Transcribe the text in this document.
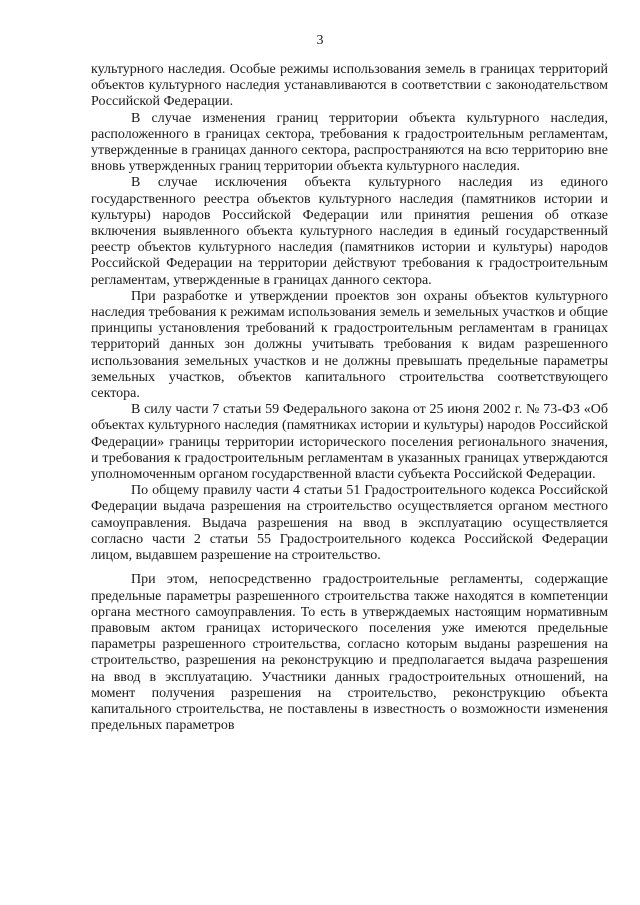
3

культурного наследия. Особые режимы использования земель в границах территорий объектов культурного наследия устанавливаются в соответствии с законодательством Российской Федерации.

В случае изменения границ территории объекта культурного наследия, расположенного в границах сектора, требования к градостроительным регламентам, утвержденные в границах данного сектора, распространяются на всю территорию вне вновь утвержденных границ территории объекта культурного наследия.

В случае исключения объекта культурного наследия из единого государственного реестра объектов культурного наследия (памятников истории и культуры) народов Российской Федерации или принятия решения об отказе включения выявленного объекта культурного наследия в единый государственный реестр объектов культурного наследия (памятников истории и культуры) народов Российской Федерации на территории действуют требования к градостроительным регламентам, утвержденные в границах данного сектора.

При разработке и утверждении проектов зон охраны объектов культурного наследия требования к режимам использования земель и земельных участков и общие принципы установления требований к градостроительным регламентам в границах территорий данных зон должны учитывать требования к видам разрешенного использования земельных участков и не должны превышать предельные параметры земельных участков, объектов капитального строительства соответствующего сектора.

В силу части 7 статьи 59 Федерального закона от 25 июня 2002 г. № 73-ФЗ «Об объектах культурного наследия (памятниках истории и культуры) народов Российской Федерации» границы территории исторического поселения регионального значения, и требования к градостроительным регламентам в указанных границах утверждаются уполномоченным органом государственной власти субъекта Российской Федерации.

По общему правилу части 4 статьи 51 Градостроительного кодекса Российской Федерации выдача разрешения на строительство осуществляется органом местного самоуправления. Выдача разрешения на ввод в эксплуатацию осуществляется согласно части 2 статьи 55 Градостроительного кодекса Российской Федерации лицом, выдавшем разрешение на строительство.

При этом, непосредственно градостроительные регламенты, содержащие предельные параметры разрешенного строительства также находятся в компетенции органа местного самоуправления. То есть в утверждаемых настоящим нормативным правовым актом границах исторического поселения уже имеются предельные параметры разрешенного строительства, согласно которым выданы разрешения на строительство, разрешения на реконструкцию и предполагается выдача разрешения на ввод в эксплуатацию. Участники данных градостроительных отношений, на момент получения разрешения на строительство, реконструкцию объекта капитального строительства, не поставлены в известность о возможности изменения предельных параметров
